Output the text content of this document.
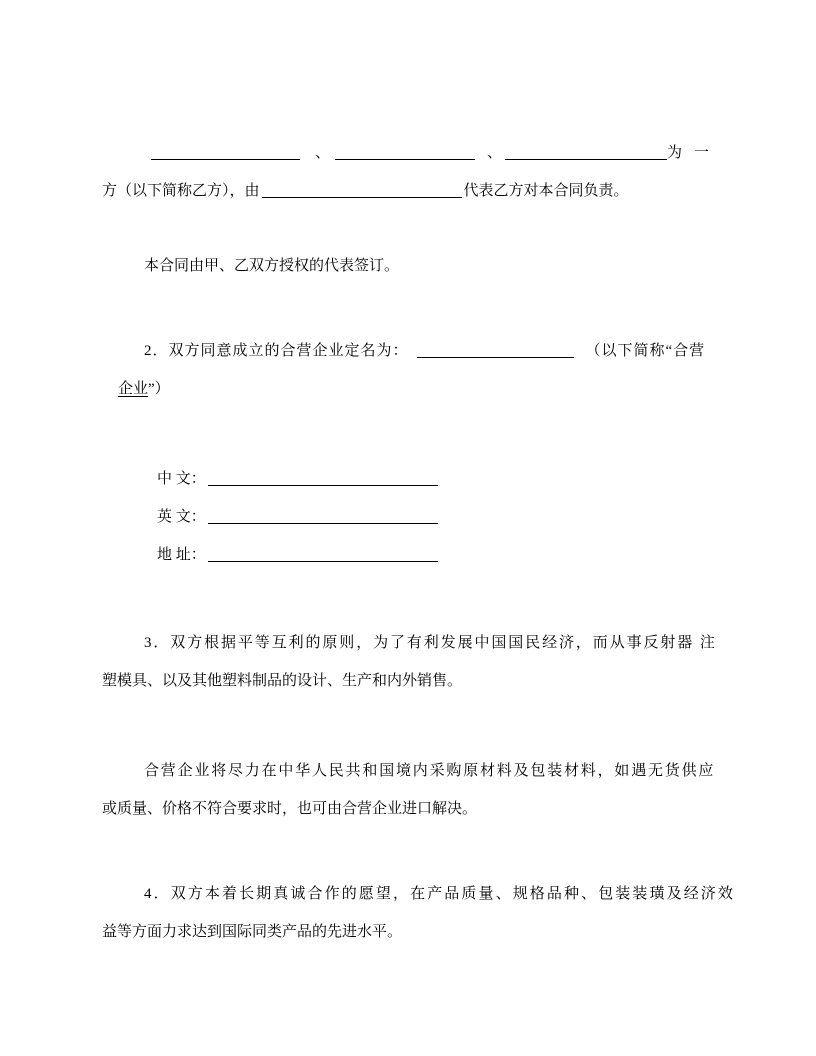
、	、	为 一
方（以下简称乙方），由	代表乙方对本合同负责。
本合同由甲、乙双方授权的代表签订。
2．双方同意成立的合营企业定名为：	（以下简称“合营
企业”）
中 文：
英 文：
地 址：
3．双方根据平等互利的原则，为了有利发展中国国民经济，而从事反射器 注
塑模具、以及其他塑料制品的设计、生产和内外销售。
合营企业将尽力在中华人民共和国境内采购原材料及包装材料，如遇无货供应
或质量、价格不符合要求时，也可由合营企业进口解决。
4．双方本着长期真诚合作的愿望，在产品质量、规格品种、包装装璜及经济效
益等方面力求达到国际同类产品的先进水平。
